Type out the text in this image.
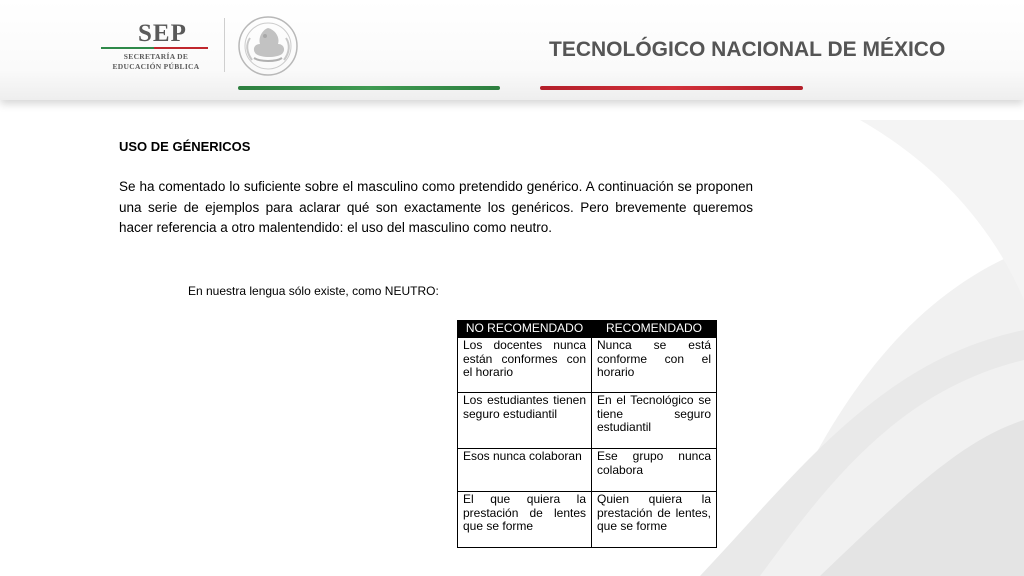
SEP
SECRETARÍA DE
EDUCACIÓN PÚBLICA
TECNOLÓGICO NACIONAL DE MÉXICO
USO DE GÉNERICOS

Se ha comentado lo suficiente sobre el masculino como pretendido genérico. A continuación se proponen una serie de ejemplos para aclarar qué son exactamente los genéricos. Pero brevemente queremos hacer referencia a otro malentendido: el uso del masculino como neutro.

En nuestra lengua sólo existe, como NEUTRO:
NO RECOMENDADO	RECOMENDADO
Los docentes nunca están conformes con el horario	Nunca se está conforme con el horario
Los estudiantes tienen seguro estudiantil	En el Tecnológico se tiene seguro estudiantil
Esos nunca colaboran	Ese grupo nunca colabora
El que quiera la prestación de lentes que se forme	Quien quiera la prestación de lentes, que se forme
